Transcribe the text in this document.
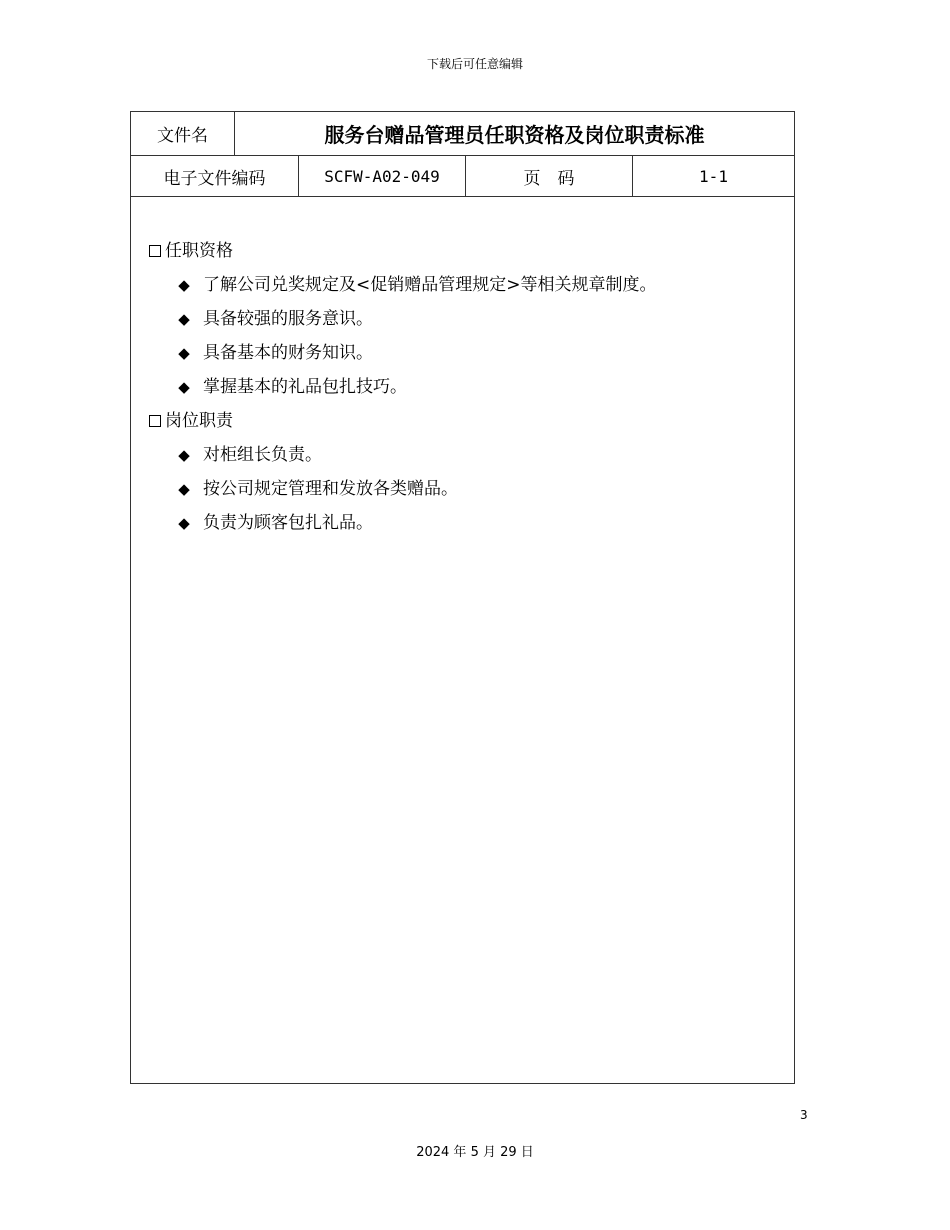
下载后可任意编辑
文件名	服务台赠品管理员任职资格及岗位职责标准
电子文件编码	SCFW-A02-049	页　码	1-1
任职资格
◆ 了解公司兑奖规定及<促销赠品管理规定>等相关规章制度。
◆ 具备较强的服务意识。
◆ 具备基本的财务知识。
◆ 掌握基本的礼品包扎技巧。
岗位职责
◆ 对柜组长负责。
◆ 按公司规定管理和发放各类赠品。
◆ 负责为顾客包扎礼品。
3
2024 年 5 月 29 日
